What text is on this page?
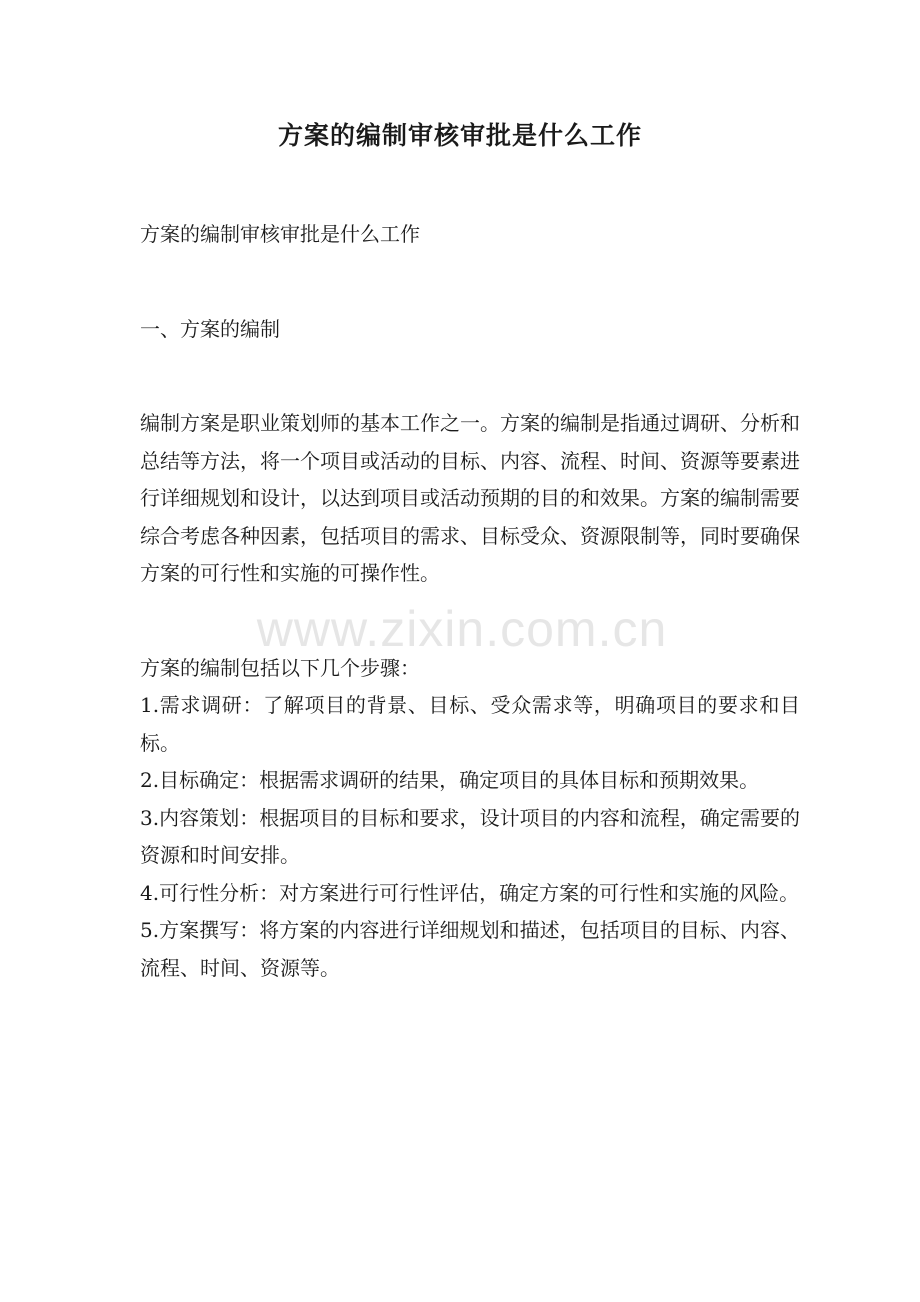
方案的编制审核审批是什么工作

方案的编制审核审批是什么工作

一、方案的编制

编制方案是职业策划师的基本工作之一。方案的编制是指通过调研、分析和总结等方法，将一个项目或活动的目标、内容、流程、时间、资源等要素进行详细规划和设计，以达到项目或活动预期的目的和效果。方案的编制需要综合考虑各种因素，包括项目的需求、目标受众、资源限制等，同时要确保方案的可行性和实施的可操作性。

方案的编制包括以下几个步骤：

1.需求调研：了解项目的背景、目标、受众需求等，明确项目的要求和目标。

2.目标确定：根据需求调研的结果，确定项目的具体目标和预期效果。

3.内容策划：根据项目的目标和要求，设计项目的内容和流程，确定需要的资源和时间安排。

4.可行性分析：对方案进行可行性评估，确定方案的可行性和实施的风险。

5.方案撰写：将方案的内容进行详细规划和描述，包括项目的目标、内容、流程、时间、资源等。

www.zixin.com.cn
